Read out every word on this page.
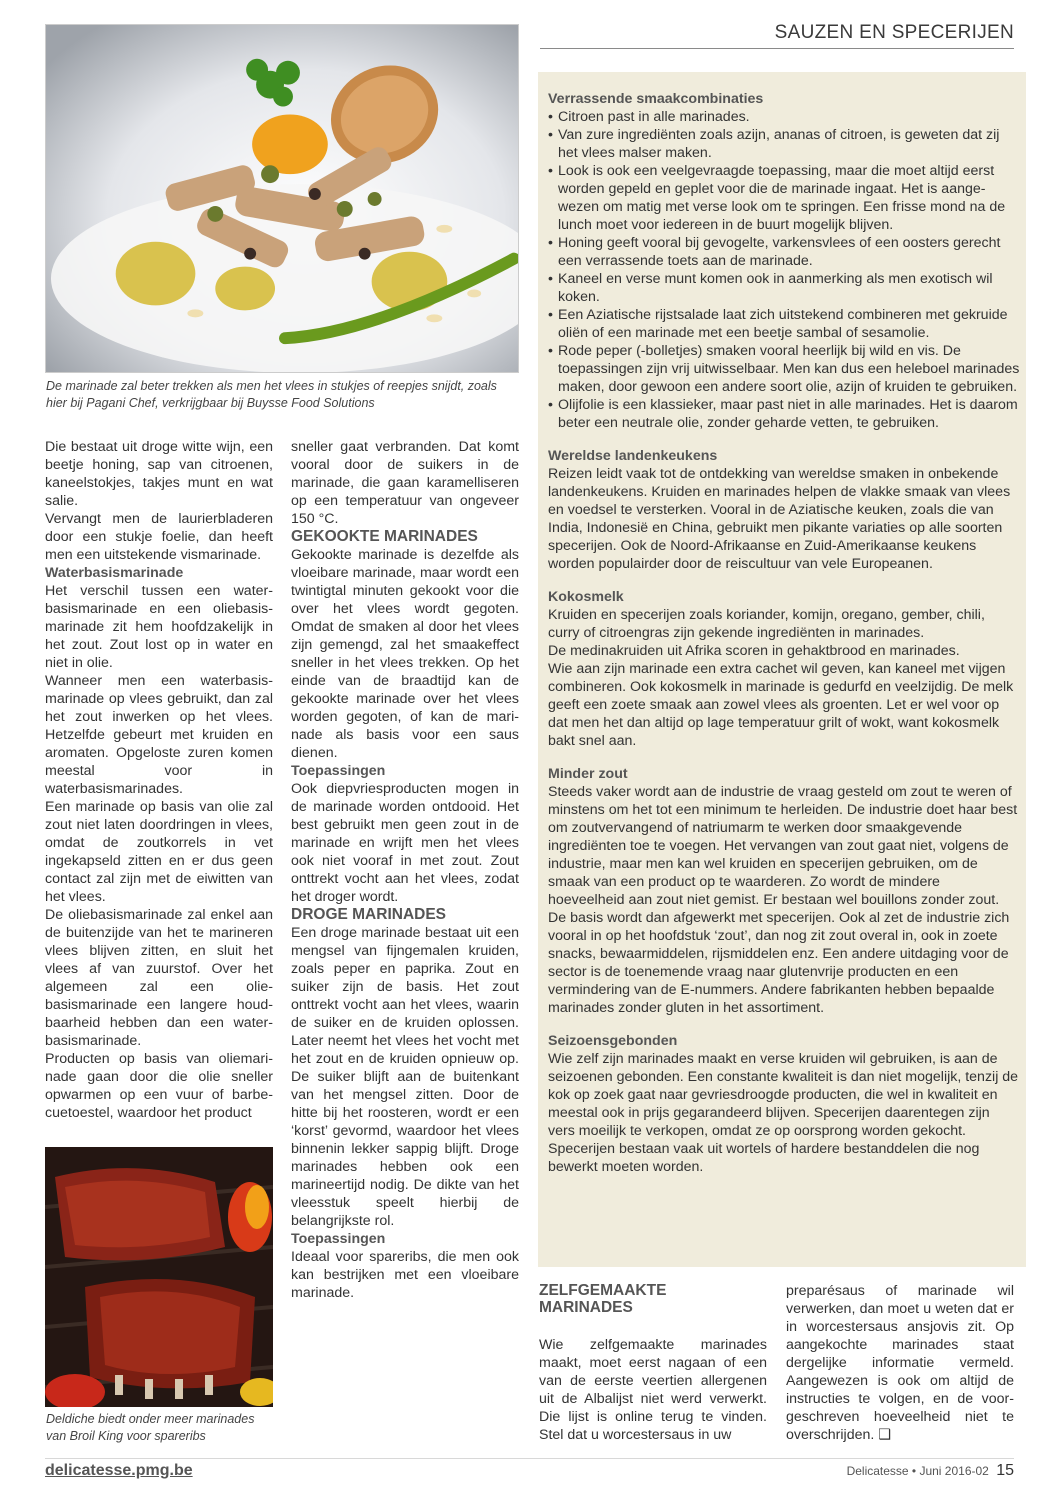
SAUZEN EN SPECERIJEN
De marinade zal beter trekken als men het vlees in stukjes of reepjes snijdt, zoals hier bij Pagani Chef, verkrijgbaar bij Buysse Food Solutions

Die bestaat uit droge witte wijn, een beetje honing, sap van citroenen, kaneelstokjes, takjes munt en wat salie.

Vervangt men de laurierbladeren door een stukje foelie, dan heeft men een uitstekende vismarinade.

Waterbasismarinade

Het verschil tussen een waterbasismarinade en een oliebasismarinade zit hem hoofdzakelijk in het zout. Zout lost op in water en niet in olie.

Wanneer men een waterbasismarinade op vlees gebruikt, dan zal het zout inwerken op het vlees. Hetzelfde gebeurt met kruiden en aromaten. Opgeloste zuren komen meestal voor in waterbasismarinades.

Een marinade op basis van olie zal zout niet laten doordringen in vlees, omdat de zoutkorrels in vet ingekapseld zitten en er dus geen contact zal zijn met de eiwitten van het vlees.

De oliebasismarinade zal enkel aan de buitenzijde van het te marineren vlees blijven zitten, en sluit het vlees af van zuurstof. Over het algemeen zal een oliebasismarinade een langere houdbaarheid hebben dan een waterbasismarinade.

Producten op basis van oliemarinade gaan door die olie sneller opwarmen op een vuur of barbecuetoestel, waardoor het product

Deldiche biedt onder meer marinades van Broil King voor spareribs

sneller gaat verbranden. Dat komt vooral door de suikers in de marinade, die gaan karamelliseren op een temperatuur van ongeveer 150 °C.

GEKOOKTE MARINADES

Gekookte marinade is dezelfde als vloeibare marinade, maar wordt een twintigtal minuten gekookt voor die over het vlees wordt gegoten. Omdat de smaken al door het vlees zijn gemengd, zal het smaakeffect sneller in het vlees trekken. Op het einde van de braadtijd kan de gekookte marinade over het vlees worden gegoten, of kan de marinade als basis voor een saus dienen.

Toepassingen

Ook diepvriesproducten mogen in de marinade worden ontdooid. Het best gebruikt men geen zout in de marinade en wrijft men het vlees ook niet vooraf in met zout. Zout onttrekt vocht aan het vlees, zodat het droger wordt.

DROGE MARINADES

Een droge marinade bestaat uit een mengsel van fijngemalen kruiden, zoals peper en paprika. Zout en suiker zijn de basis. Het zout onttrekt vocht aan het vlees, waarin de suiker en de kruiden oplossen. Later neemt het vlees het vocht met het zout en de kruiden opnieuw op. De suiker blijft aan de buitenkant van het mengsel zitten. Door de hitte bij het roosteren, wordt er een ‘korst’ gevormd, waardoor het vlees binnenin lekker sappig blijft. Droge marinades hebben ook een marineertijd nodig. De dikte van het vleesstuk speelt hierbij de belangrijkste rol.

Toepassingen

Ideaal voor spareribs, die men ook kan bestrijken met een vloeibare marinade.

Verrassende smaakcombinaties

• Citroen past in alle marinades.
• Van zure ingrediënten zoals azijn, ananas of citroen, is geweten dat zij het vlees malser maken.
• Look is ook een veelgevraagde toepassing, maar die moet altijd eerst worden gepeld en geplet voor die de marinade ingaat. Het is aangewezen om matig met verse look om te springen. Een frisse mond na de lunch moet voor iedereen in de buurt mogelijk blijven.
• Honing geeft vooral bij gevogelte, varkensvlees of een oosters gerecht een verrassende toets aan de marinade.
• Kaneel en verse munt komen ook in aanmerking als men exotisch wil koken.
• Een Aziatische rijstsalade laat zich uitstekend combineren met gekruide oliën of een marinade met een beetje sambal of sesamolie.
• Rode peper (-bolletjes) smaken vooral heerlijk bij wild en vis. De toepassingen zijn vrij uitwisselbaar. Men kan dus een heleboel marinades maken, door gewoon een andere soort olie, azijn of kruiden te gebruiken.
• Olijfolie is een klassieker, maar past niet in alle marinades. Het is daarom beter een neutrale olie, zonder geharde vetten, te gebruiken.

Wereldse landenkeukens

Reizen leidt vaak tot de ontdekking van wereldse smaken in onbekende landenkeukens. Kruiden en marinades helpen de vlakke smaak van vlees en voedsel te versterken. Vooral in de Aziatische keuken, zoals die van India, Indonesië en China, gebruikt men pikante variaties op alle soorten specerijen. Ook de Noord-Afrikaanse en Zuid-Amerikaanse keukens worden populairder door de reiscultuur van vele Europeanen.

Kokosmelk

Kruiden en specerijen zoals koriander, komijn, oregano, gember, chili, curry of citroengras zijn gekende ingrediënten in marinades.

De medinakruiden uit Afrika scoren in gehaktbrood en marinades.

Wie aan zijn marinade een extra cachet wil geven, kan kaneel met vijgen combineren. Ook kokosmelk in marinade is gedurfd en veelzijdig. De melk geeft een zoete smaak aan zowel vlees als groenten. Let er wel voor op dat men het dan altijd op lage temperatuur grilt of wokt, want kokosmelk bakt snel aan.

Minder zout

Steeds vaker wordt aan de industrie de vraag gesteld om zout te weren of minstens om het tot een minimum te herleiden. De industrie doet haar best om zoutvervangend of natriumarm te werken door smaakgevende ingrediënten toe te voegen. Het vervangen van zout gaat niet, volgens de industrie, maar men kan wel kruiden en specerijen gebruiken, om de smaak van een product op te waarderen. Zo wordt de mindere hoeveelheid aan zout niet gemist. Er bestaan wel bouillons zonder zout. De basis wordt dan afgewerkt met specerijen. Ook al zet de industrie zich vooral in op het hoofdstuk ‘zout’, dan nog zit zout overal in, ook in zoete snacks, bewaarmiddelen, rijsmiddelen enz. Een andere uitdaging voor de sector is de toenemende vraag naar glutenvrije producten en een vermindering van de E-nummers. Andere fabrikanten hebben bepaalde marinades zonder gluten in het assortiment.

Seizoensgebonden

Wie zelf zijn marinades maakt en verse kruiden wil gebruiken, is aan de seizoenen gebonden. Een constante kwaliteit is dan niet mogelijk, tenzij de kok op zoek gaat naar gevriesdroogde producten, die wel in kwaliteit en meestal ook in prijs gegarandeerd blijven. Specerijen daarentegen zijn vers moeilijk te verkopen, omdat ze op oorsprong worden gekocht. Specerijen bestaan vaak uit wortels of hardere bestanddelen die nog bewerkt moeten worden.

ZELFGEMAAKTE MARINADES

Wie zelfgemaakte marinades maakt, moet eerst nagaan of een van de eerste veertien allergenen uit de Albalijst niet werd verwerkt. Die lijst is online terug te vinden. Stel dat u worcestersaus in uw

preparésaus of marinade wil verwerken, dan moet u weten dat er in worcestersaus ansjovis zit. Op aangekochte marinades staat dergelijke informatie vermeld. Aangewezen is ook om altijd de instructies te volgen, en de voorgeschreven hoeveelheid niet te overschrijden. ❑

delicatesse.pmg.be	Delicatesse • Juni 2016-02 15
